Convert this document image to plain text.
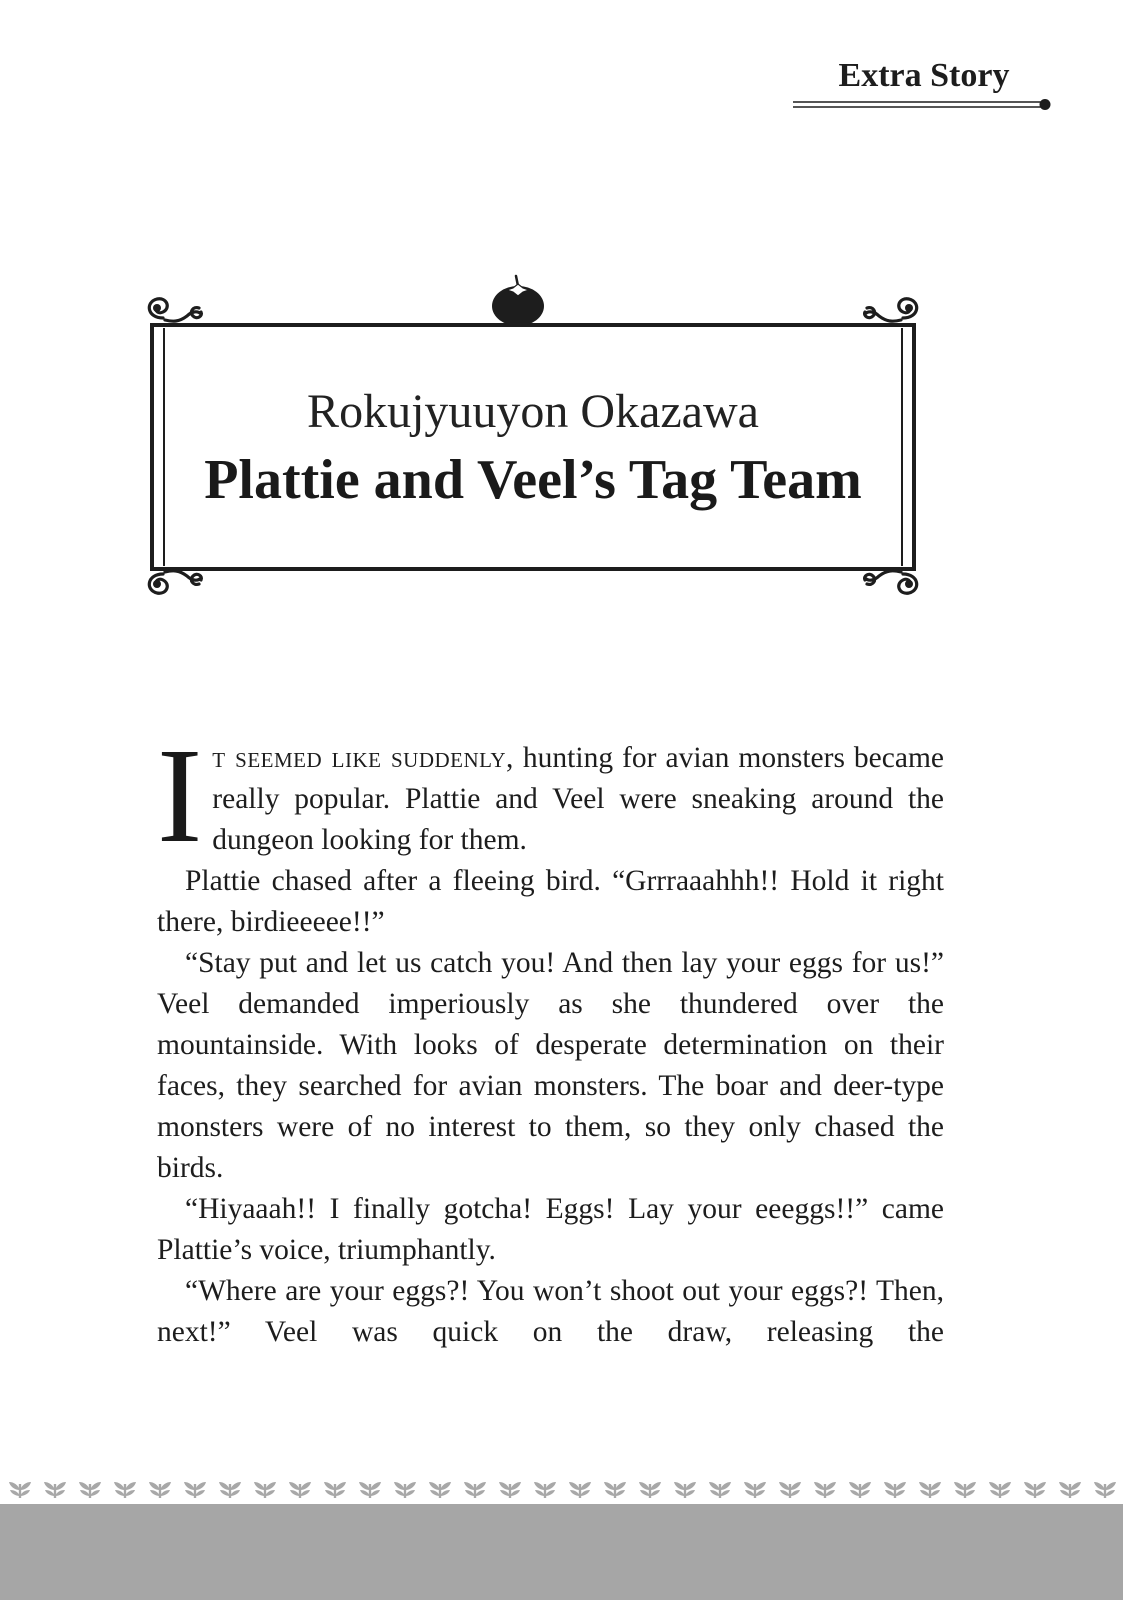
Extra Story
Rokujyuuyon Okazawa
Plattie and Veel’s Tag Team

It seemed like suddenly, hunting for avian monsters became really popular. Plattie and Veel were sneaking around the dungeon looking for them.

Plattie chased after a fleeing bird. “Grrraaahhh!! Hold it right there, birdieeeee!!”

“Stay put and let us catch you! And then lay your eggs for us!” Veel demanded imperiously as she thundered over the mountainside. With looks of desperate determination on their faces, they searched for avian monsters. The boar and deer-type monsters were of no interest to them, so they only chased the birds.

“Hiyaaah!! I finally gotcha! Eggs! Lay your eeeggs!!” came Plattie’s voice, triumphantly.

“Where are your eggs?! You won’t shoot out your eggs?! Then, next!” Veel was quick on the draw, releasing the
